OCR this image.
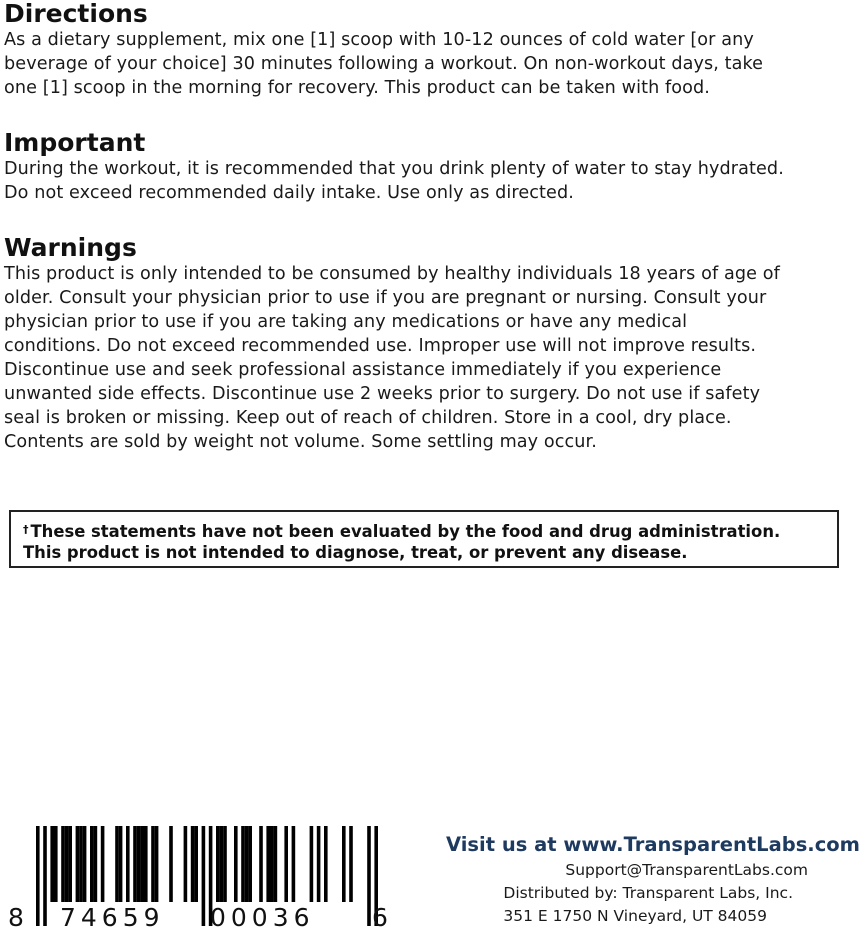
Directions

As a dietary supplement, mix one [1] scoop with 10-12 ounces of cold water [or any

beverage of your choice] 30 minutes following a workout. On non-workout days, take

one [1] scoop in the morning for recovery. This product can be taken with food.

Important

During the workout, it is recommended that you drink plenty of water to stay hydrated.

Do not exceed recommended daily intake. Use only as directed.

Warnings

This product is only intended to be consumed by healthy individuals 18 years of age of

older. Consult your physician prior to use if you are pregnant or nursing. Consult your

physician prior to use if you are taking any medications or have any medical

conditions. Do not exceed recommended use. Improper use will not improve results.

Discontinue use and seek professional assistance immediately if you experience

unwanted side effects. Discontinue use 2 weeks prior to surgery. Do not use if safety

seal is broken or missing. Keep out of reach of children. Store in a cool, dry place.

Contents are sold by weight not volume. Some settling may occur.

† These statements have not been evaluated by the food and drug administration.
This product is not intended to diagnose, treat, or prevent any disease.
8 74659 00036 6
Visit us at www.TransparentLabs.com
Support@TransparentLabs.com
Distributed by: Transparent Labs, Inc.
351 E 1750 N Vineyard, UT 84059
